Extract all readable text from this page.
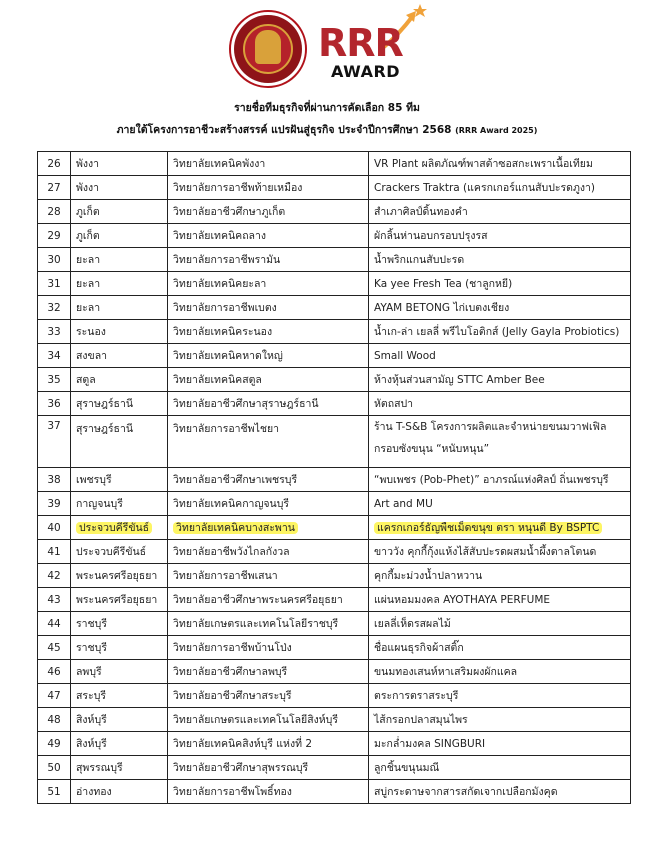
RRR
AWARD
รายชื่อทีมธุรกิจที่ผ่านการคัดเลือก 85 ทีม
ภายใต้โครงการอาชีวะสร้างสรรค์ แปรฝันสู่ธุรกิจ ประจำปีการศึกษา 2568 (RRR Award 2025)
26	พังงา	วิทยาลัยเทคนิคพังงา	VR Plant ผลิตภัณฑ์พาสต้าซอสกะเพราเนื้อเทียม
27	พังงา	วิทยาลัยการอาชีพท้ายเหมือง	Crackers Traktra (แครกเกอร์แกนสับปะรดภูงา)
28	ภูเก็ต	วิทยาลัยอาชีวศึกษาภูเก็ต	สำเภาศิลป์ดิ้นทองคำ
29	ภูเก็ต	วิทยาลัยเทคนิคถลาง	ผักลิ้นห่านอบกรอบปรุงรส
30	ยะลา	วิทยาลัยการอาชีพรามัน	น้ำพริกแกนสับปะรด
31	ยะลา	วิทยาลัยเทคนิคยะลา	Ka yee Fresh Tea (ชาลูกหยี)
32	ยะลา	วิทยาลัยการอาชีพเบตง	AYAM BETONG ไก่เบตงเชียง
33	ระนอง	วิทยาลัยเทคนิคระนอง	น้ำเก-ล่า เยลลี่ พรีไบโอติกส์ (Jelly Gayla Probiotics)
34	สงขลา	วิทยาลัยเทคนิคหาดใหญ่	Small Wood
35	สตูล	วิทยาลัยเทคนิคสตูล	ห้างหุ้นส่วนสามัญ STTC Amber Bee
36	สุราษฎร์ธานี	วิทยาลัยอาชีวศึกษาสุราษฎร์ธานี	หัตถสปา
37	สุราษฎร์ธานี	วิทยาลัยการอาชีพไชยา	ร้าน T-S&B โครงการผลิตและจำหน่ายขนมวาฟเฟิลกรอบซังขนุน “หนับหนุน”
38	เพชรบุรี	วิทยาลัยอาชีวศึกษาเพชรบุรี	“พบเพชร (Pob-Phet)” อาภรณ์แห่งศิลป์ ถิ่นเพชรบุรี
39	กาญจนบุรี	วิทยาลัยเทคนิคกาญจนบุรี	Art and MU
40	ประจวบคีรีขันธ์	วิทยาลัยเทคนิคบางสะพาน	แครกเกอร์ธัญพืชเม็ดขนุข ตรา หนุนดี By BSPTC
41	ประจวบคีรีขันธ์	วิทยาลัยอาชีพวังไกลกังวล	ขาววัง คุกกี้กุ้งแห้งไส้สับปะรดผสมน้ำผึ้งตาลโตนด
42	พระนครศรีอยุธยา	วิทยาลัยการอาชีพเสนา	คุกกี้มะม่วงน้ำปลาหวาน
43	พระนครศรีอยุธยา	วิทยาลัยอาชีวศึกษาพระนครศรีอยุธยา	แผ่นหอมมงคล AYOTHAYA PERFUME
44	ราชบุรี	วิทยาลัยเกษตรและเทคโนโลยีราชบุรี	เยลลี่เห็ดรสผลไม้
45	ราชบุรี	วิทยาลัยการอาชีพบ้านโป่ง	ชื่อแผนธุรกิจผ้าสติ๊ก
46	ลพบุรี	วิทยาลัยอาชีวศึกษาลพบุรี	ขนมทองเสนห์หาเสริมผงผักแคล
47	สระบุรี	วิทยาลัยอาชีวศึกษาสระบุรี	ตระการตราสระบุรี
48	สิงห์บุรี	วิทยาลัยเกษตรและเทคโนโลยีสิงห์บุรี	ไส้กรอกปลาสมุนไพร
49	สิงห์บุรี	วิทยาลัยเทคนิคสิงห์บุรี แห่งที่ 2	มะกล่ำมงคล SINGBURI
50	สุพรรณบุรี	วิทยาลัยอาชีวศึกษาสุพรรณบุรี	ลูกชิ้นขนุนมณี
51	อ่างทอง	วิทยาลัยการอาชีพโพธิ์ทอง	สบู่กระดาษจากสารสกัดเจากเปลือกมังคุด
